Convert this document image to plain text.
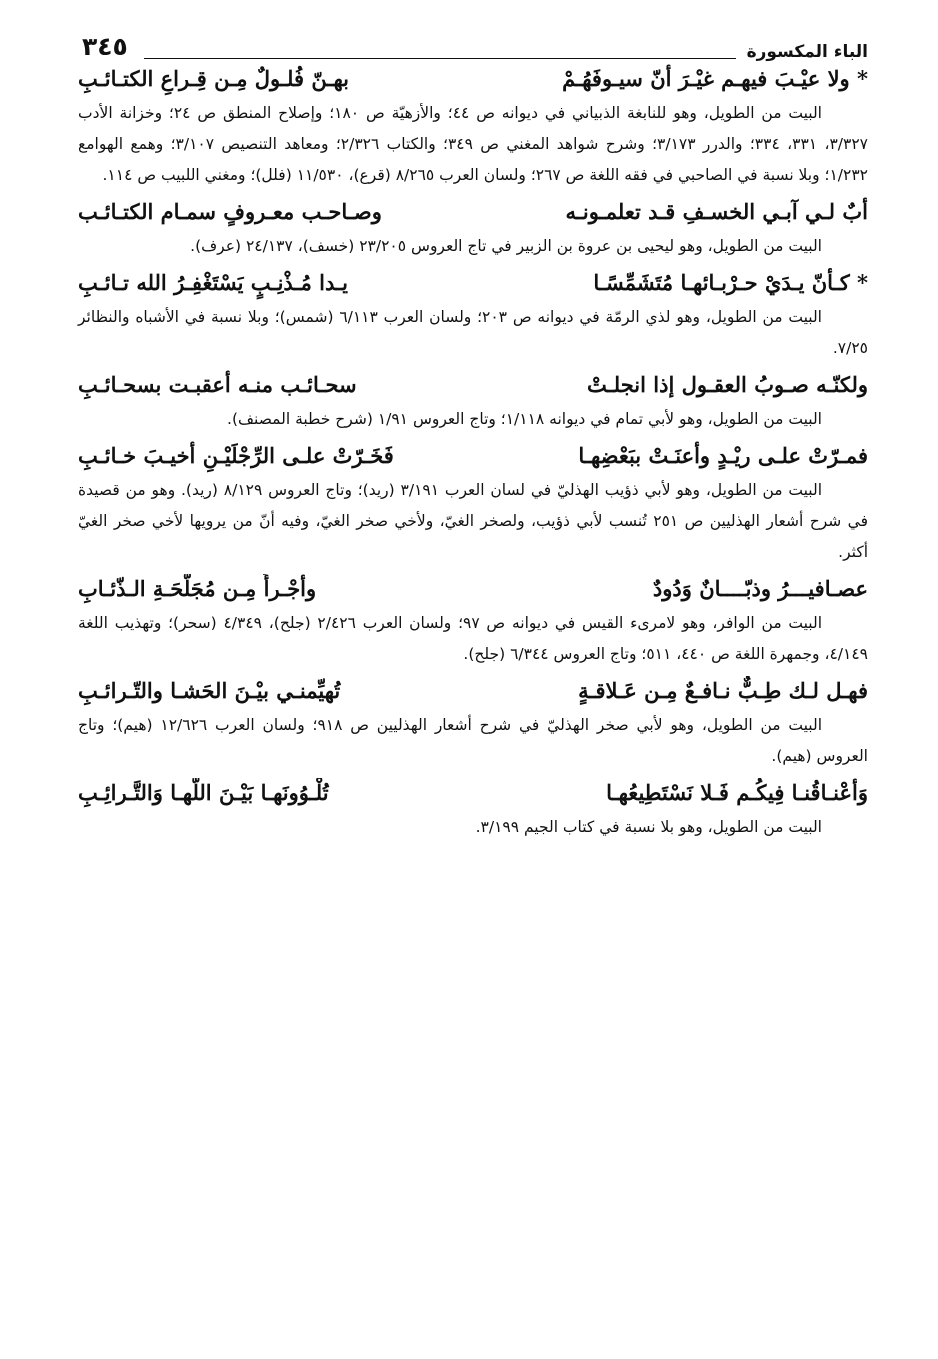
الباء المكسورة
٣٤٥
* ولا عيْـبَ فيهـم غيْـرَ أنّ سيـوفَهُـمْ
بهـنّ فُلـولٌ مِـن قِـراعِ الكتـائـبِ

البيت من الطويل، وهو للنابغة الذبياني في ديوانه ص ٤٤؛ والأزهيّة ص ١٨٠؛ وإصلاح المنطق ص ٢٤؛ وخزانة الأدب ٣/٣٢٧، ٣٣١، ٣٣٤؛ والدرر ٣/١٧٣؛ وشرح شواهد المغني ص ٣٤٩؛ والكتاب ٢/٣٢٦؛ ومعاهد التنصيص ٣/١٠٧؛ وهمع الهوامع ١/٢٣٢؛ وبلا نسبة في الصاحبي في فقه اللغة ص ٢٦٧؛ ولسان العرب ٨/٢٦٥ (قرع)، ١١/٥٣٠ (فلل)؛ ومغني اللبيب ص ١١٤.

أبٌ لـي آبـي الخسـفِ قـد تعلمـونـه
وصـاحـب معـروفٍ سمـام الكتـائـب

البيت من الطويل، وهو ليحيى بن عروة بن الزبير في تاج العروس ٢٣/٢٠٥ (خسف)، ٢٤/١٣٧ (عرف).

* كـأنّ يـدَيْ حـرْبـائهـا مُتَشَمِّسًـا
يـدا مُـذْنِـبٍ يَسْتَغْفِـرُ الله تـائـبِ

البيت من الطويل، وهو لذي الرمّة في ديوانه ص ٢٠٣؛ ولسان العرب ٦/١١٣ (شمس)؛ وبلا نسبة في الأشباه والنظائر ٧/٢٥.

ولكنّـه صـوبُ العقـول إذا انجلـتْ
سحـائـب منـه أعقبـت بسحـائـبِ

البيت من الطويل، وهو لأبي تمام في ديوانه ١/١١٨؛ وتاج العروس ١/٩١ (شرح خطبة المصنف).

فمـرّتْ علـى ريْـدٍ وأعنَـتْ ببَعْضِهـا
فَخَـرّتْ علـى الرِّجْلَيْـنِ أخيـبَ خـائـبِ

البيت من الطويل، وهو لأبي ذؤيب الهذليّ في لسان العرب ٣/١٩١ (ريد)؛ وتاج العروس ٨/١٢٩ (ريد). وهو من قصيدة في شرح أشعار الهذليين ص ٢٥١ تُنسب لأبي ذؤيب، ولصخر الغيّ، ولأخي صخر الغيّ، وفيه أنّ من يرويها لأخي صخر الغيّ أكثر.

عصـافيـــرُ وذبّــــانٌ وَدُودٌ
وأجْـرأُ مِـن مُجَلّحَـةِ الـذّئـابِ

البيت من الوافر، وهو لامرىء القيس في ديوانه ص ٩٧؛ ولسان العرب ٢/٤٢٦ (جلح)، ٤/٣٤٩ (سحر)؛ وتهذيب اللغة ٤/١٤٩، وجمهرة اللغة ص ٤٤٠، ٥١١؛ وتاج العروس ٦/٣٤٤ (جلح).

فهـل لـك طِـبٌّ نـافـعٌ مِـن عَـلاقـةٍ
تُهيِّمنـي بيْـنَ الحَشـا والتّـرائـبِ

البيت من الطويل، وهو لأبي صخر الهذليّ في شرح أشعار الهذليين ص ٩١٨؛ ولسان العرب ١٢/٦٢٦ (هيم)؛ وتاج العروس (هيم).

وَأعْنـاقُنـا فِيكُـم فَـلا نَسْتَطِيعُهـا
تُلْـوُونَهـا بَيْـنَ اللّهـا وَالتَّـرائِـبِ

البيت من الطويل، وهو بلا نسبة في كتاب الجيم ٣/١٩٩.
